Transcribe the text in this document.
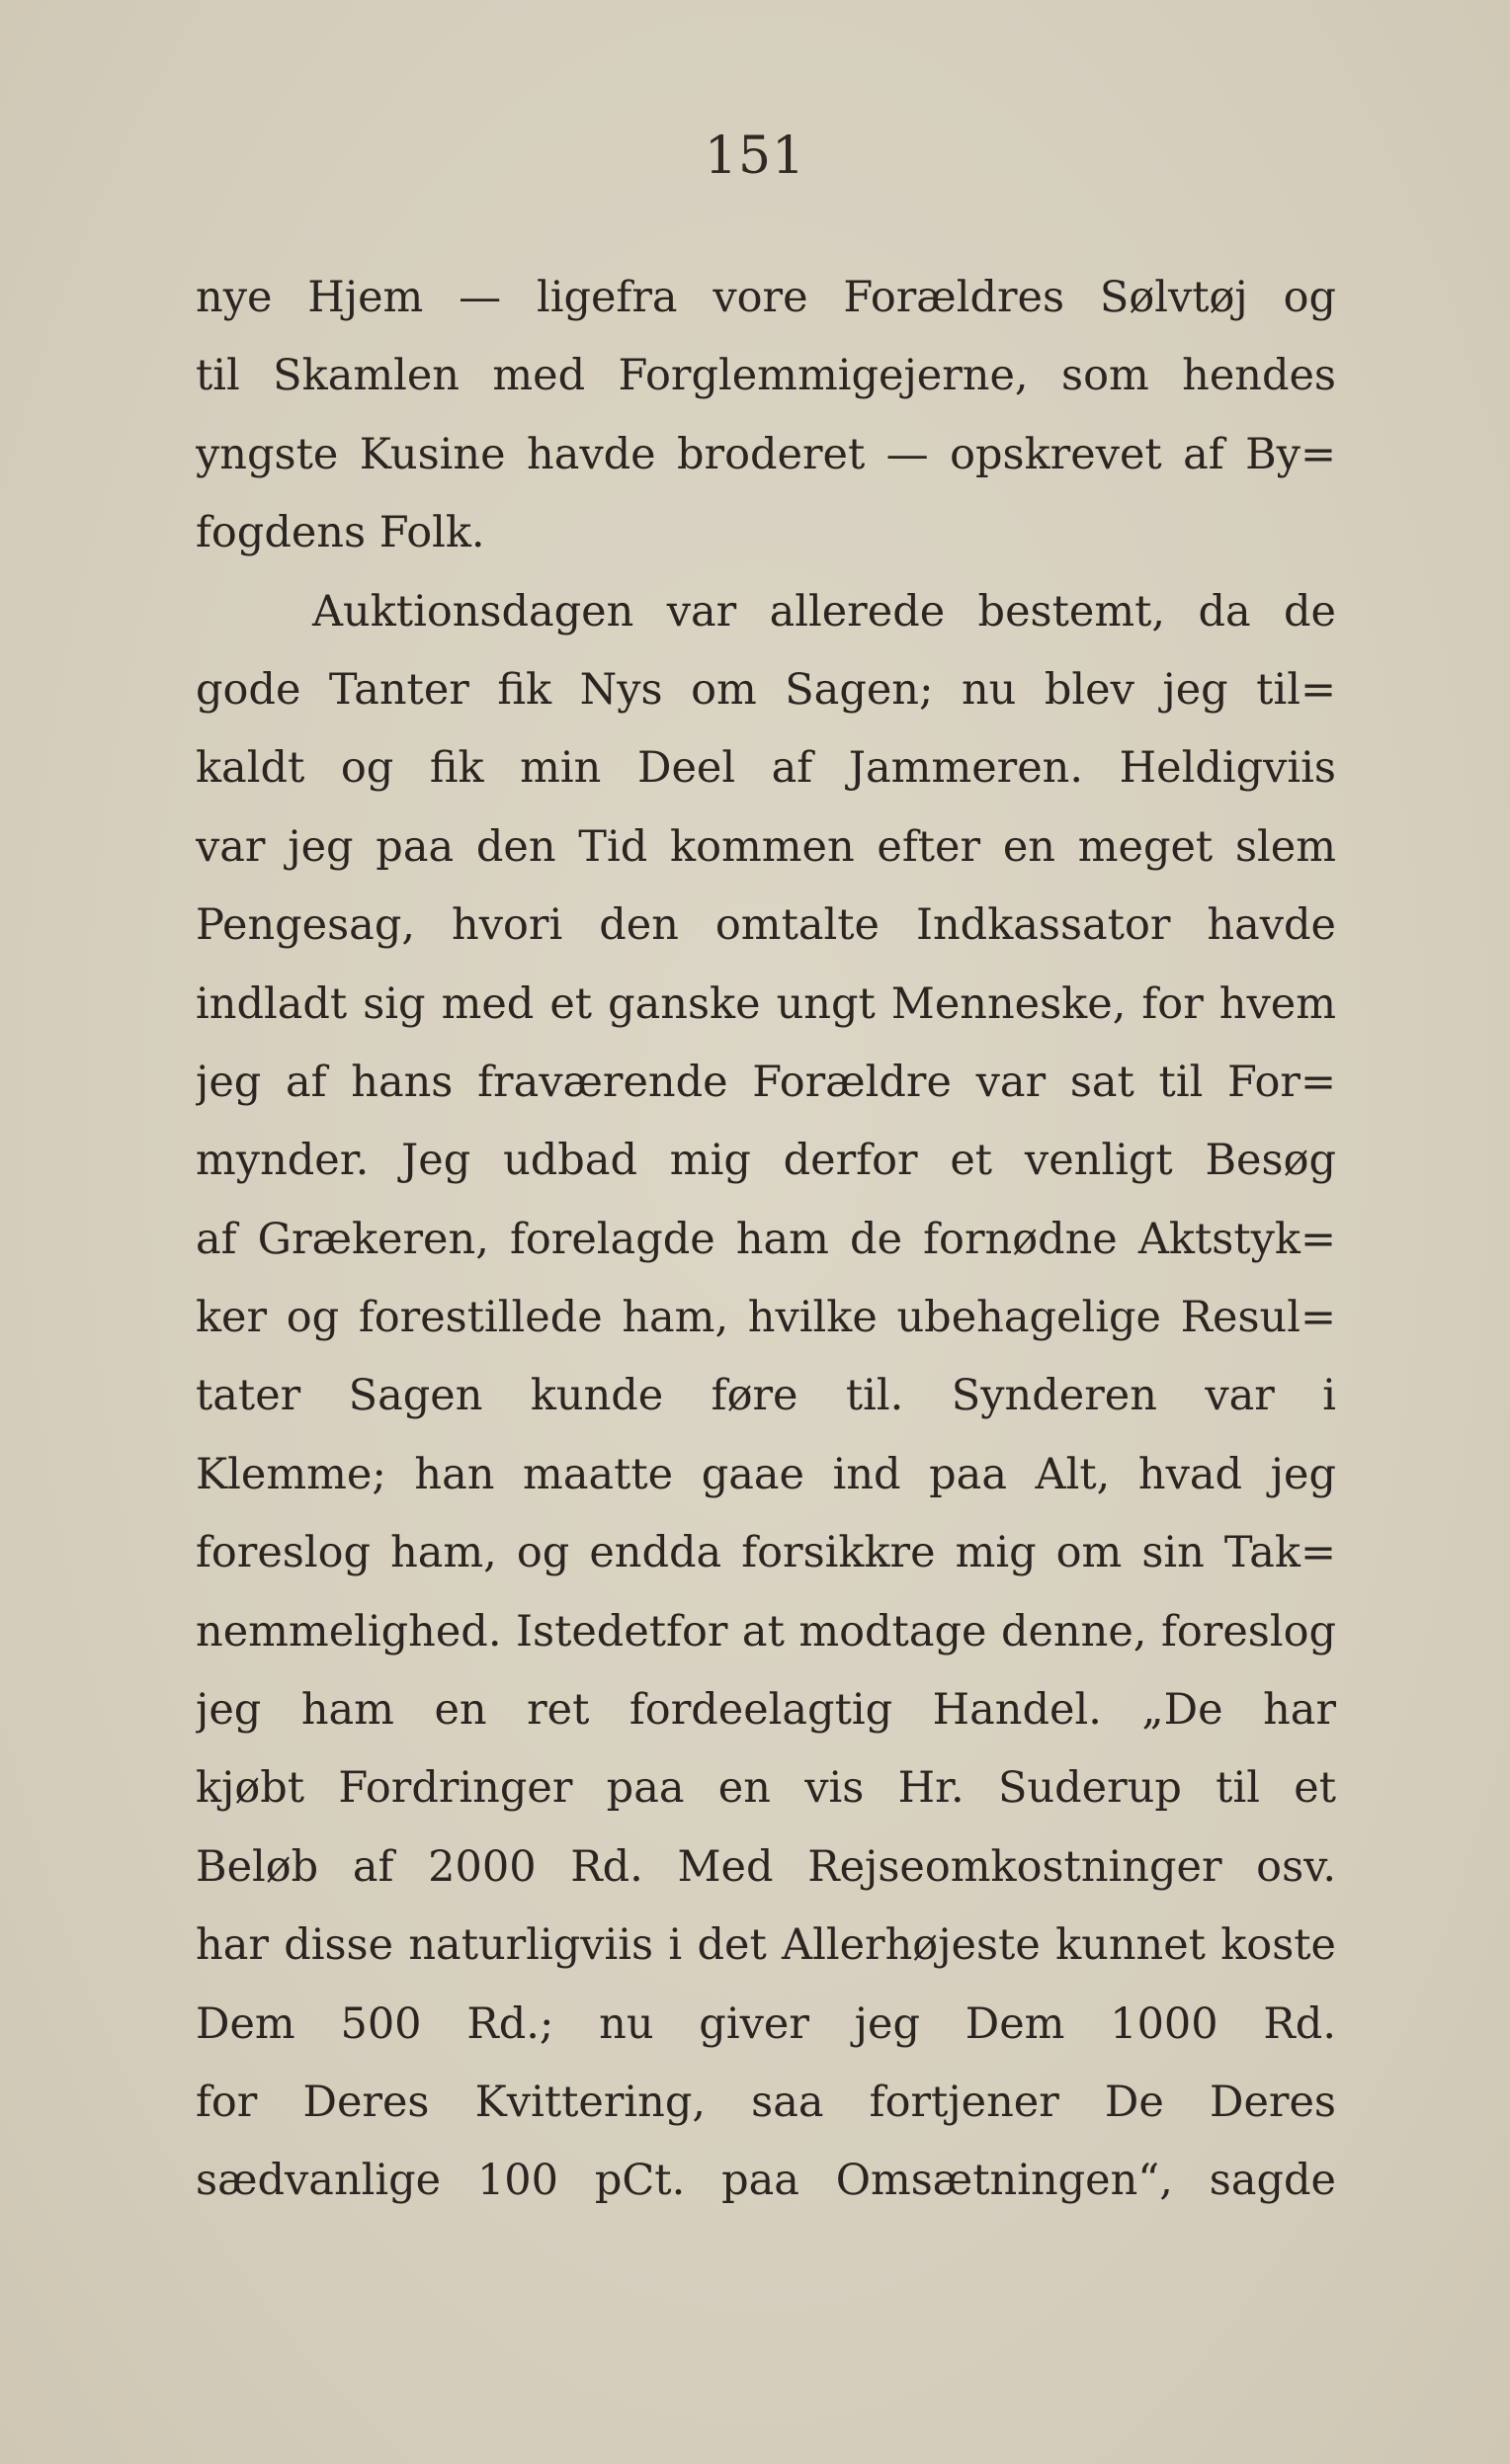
151
nye Hjem — ligefra vore Forældres Sølvtøj og
til Skamlen med Forglemmigejerne, som hendes
yngste Kusine havde broderet — opskrevet af By=
fogdens Folk.
Auktionsdagen var allerede bestemt, da de
gode Tanter fik Nys om Sagen; nu blev jeg til=
kaldt og fik min Deel af Jammeren. Heldigviis
var jeg paa den Tid kommen efter en meget slem
Pengesag, hvori den omtalte Indkassator havde
indladt sig med et ganske ungt Menneske, for hvem
jeg af hans fraværende Forældre var sat til For=
mynder. Jeg udbad mig derfor et venligt Besøg
af Grækeren, forelagde ham de fornødne Aktstyk=
ker og forestillede ham, hvilke ubehagelige Resul=
tater Sagen kunde føre til. Synderen var i
Klemme; han maatte gaae ind paa Alt, hvad jeg
foreslog ham, og endda forsikkre mig om sin Tak=
nemmelighed. Istedetfor at modtage denne, foreslog
jeg ham en ret fordeelagtig Handel. „De har
kjøbt Fordringer paa en vis Hr. Suderup til et
Beløb af 2000 Rd. Med Rejseomkostninger osv.
har disse naturligviis i det Allerhøjeste kunnet koste
Dem 500 Rd.; nu giver jeg Dem 1000 Rd.
for Deres Kvittering, saa fortjener De Deres
sædvanlige 100 pCt. paa Omsætningen“, sagde
